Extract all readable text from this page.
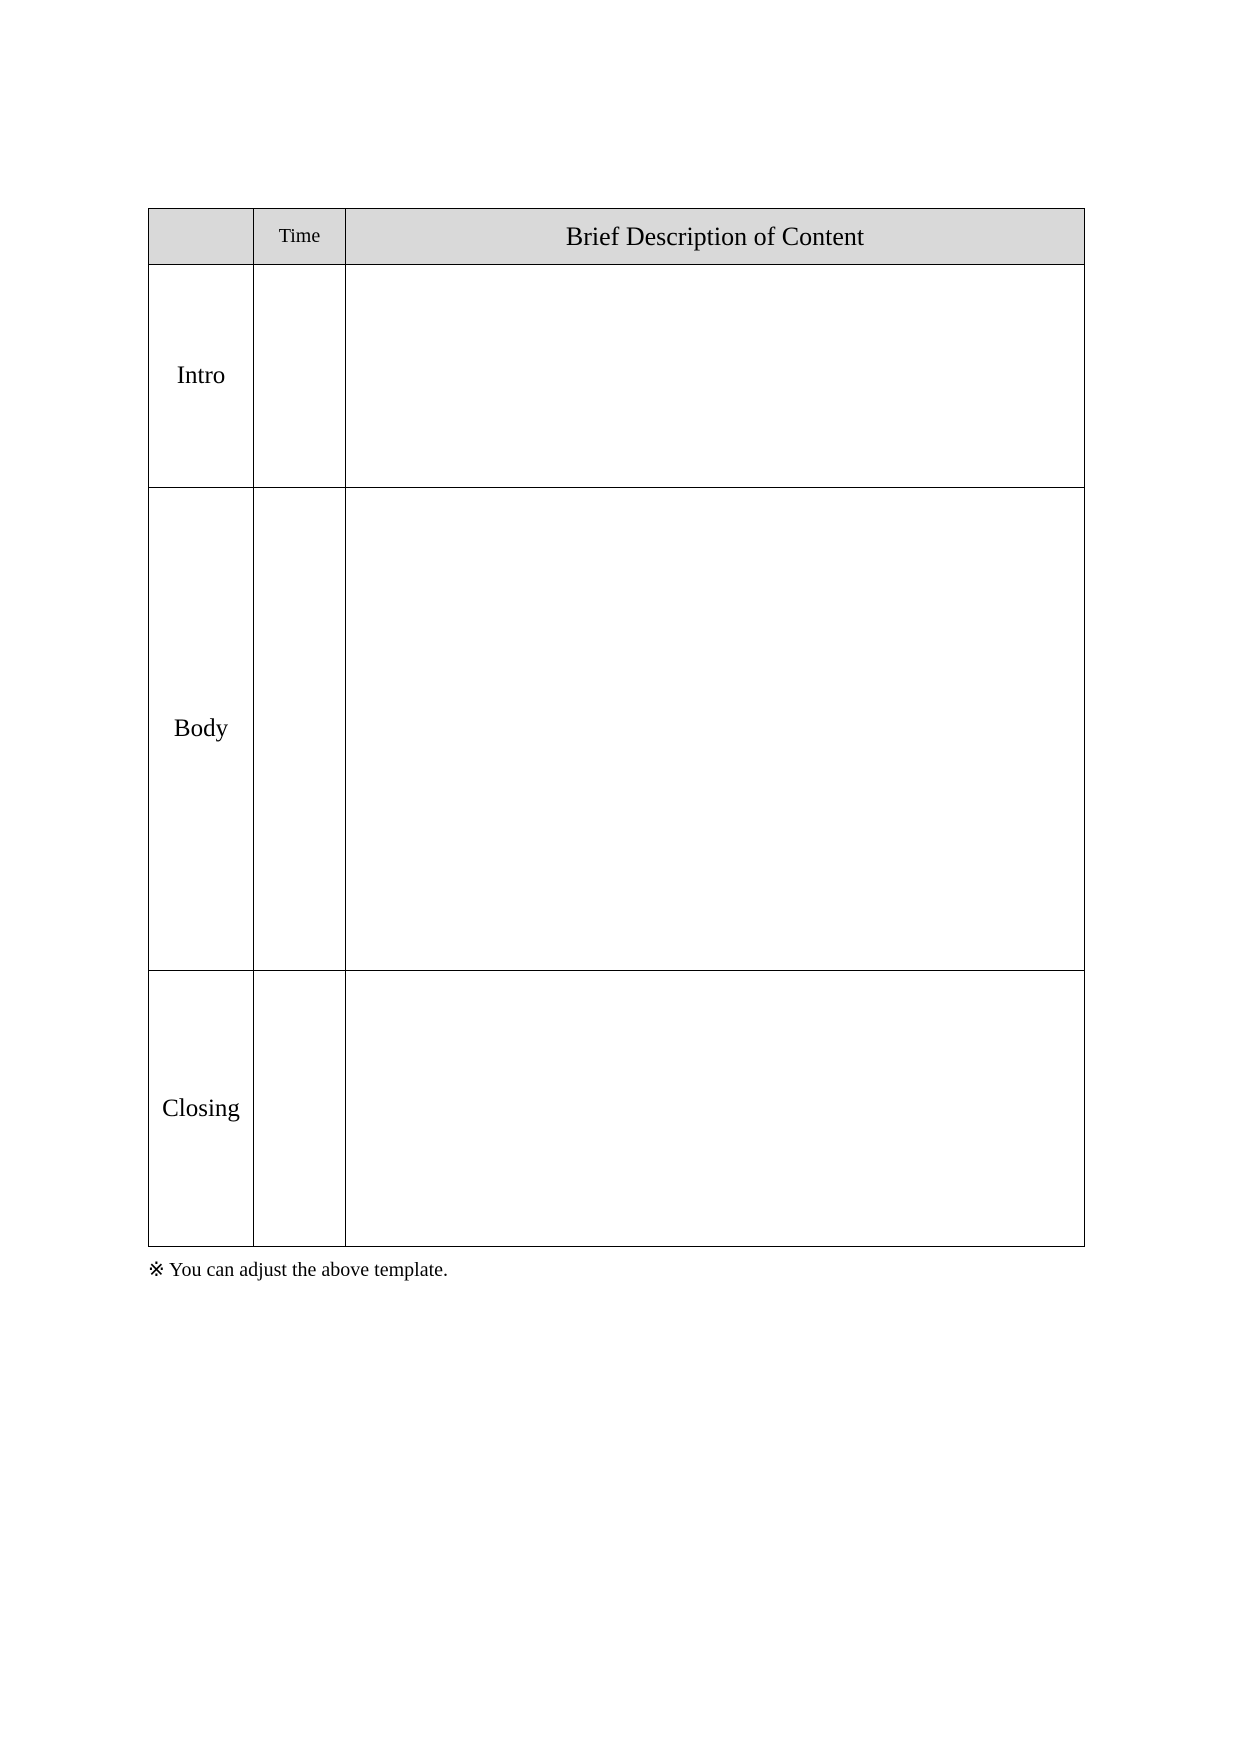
	Time	Brief Description of Content
Intro		
Body		
Closing		
※ You can adjust the above template.
